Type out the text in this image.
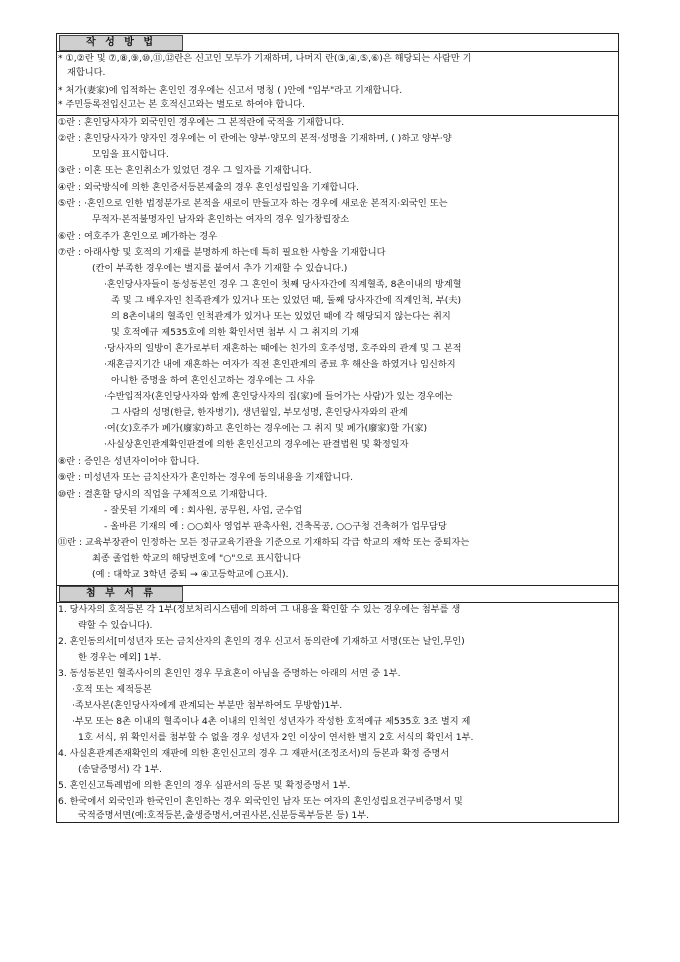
작 성 방 법
* ①,②란 및 ⑦,⑧,⑨,⑩,⑪,⑫란은 신고인 모두가 기재하며, 나머지 란(③,④,⑤,⑥)은 해당되는 사람만 기
재합니다.
* 처가(妻家)에 입적하는 혼인인 경우에는 신고서 명칭 ( )안에 "입부"라고 기재합니다.
* 주민등록전입신고는 본 호적신고와는 별도로 하여야 합니다.
①란 : 혼인당사자가 외국인인 경우에는 그 본적란에 국적을 기재합니다.
②란 : 혼인당사자가 양자인 경우에는 이 란에는 양부·양모의 본적·성명을 기재하며, ( )하고 양부·양
모임을 표시합니다.
③란 : 이혼 또는 혼인취소가 있었던 경우 그 일자를 기재합니다.
④란 : 외국방식에 의한 혼인증서등본제출의 경우 혼인성립일을 기재합니다.
⑤란 : ·혼인으로 인한 법정분가로 본적을 새로이 만들고자 하는 경우에 새로운 본적지·외국인 또는
무적자·본적불명자인 남자와 혼인하는 여자의 경우 일가창립장소
⑥란 : 여호주가 혼인으로 폐가하는 경우
⑦란 : 아래사항 및 호적의 기재를 분명하게 하는데 특히 필요한 사항을 기재합니다
(칸이 부족한 경우에는 별지를 붙여서 추가 기재할 수 있습니다.)
·혼인당사자들이 동성동본인 경우 그 혼인이 첫째 당사자간에 직계혈족, 8촌이내의 방계혈
족 및 그 배우자인 친족관계가 있거나 또는 있었던 때, 둘째 당사자간에 직계인척, 부(夫)
의 8촌이내의 혈족인 인척관계가 있거나 또는 있었던 때에 각 해당되지 않는다는 취지
및 호적예규 제535호에 의한 확인서면 첨부 시 그 취지의 기재
·당사자의 일방이 혼가로부터 재혼하는 때에는 친가의 호주성명, 호주와의 관계 및 그 본적
·재혼금지기간 내에 재혼하는 여자가 직전 혼인관계의 종료 후 해산을 하였거나 임신하지
아니한 증명을 하여 혼인신고하는 경우에는 그 사유
·수반입적자(혼인당사자와 함께 혼인당사자의 집(家)에 들어가는 사람)가 있는 경우에는
그 사람의 성명(한글, 한자병기), 생년월일, 부모성명, 혼인당사자와의 관계
·여(女)호주가 폐가(廢家)하고 혼인하는 경우에는 그 취지 및 폐가(廢家)할 가(家)
·사실상혼인관계확인판결에 의한 혼인신고의 경우에는 판결법원 및 확정일자
⑧란 : 증인은 성년자이어야 합니다.
⑨란 : 미성년자 또는 금치산자가 혼인하는 경우에 동의내용을 기재합니다.
⑩란 : 결혼할 당시의 직업을 구체적으로 기재합니다.
- 잘못된 기재의 예 : 회사원, 공무원, 사업, 군수업
- 올바른 기재의 예 : ○○회사 영업부 판촉사원, 건축목공, ○○구청 건축허가 업무담당
⑪란 : 교육부장관이 인정하는 모든 정규교육기관을 기준으로 기재하되 각급 학교의 재학 또는 중퇴자는
최종 졸업한 학교의 해당번호에 "○"으로 표시합니다
(예 : 대학교 3학년 중퇴 → ④고등학교에 ○표시).
첨 부 서 류
1. 당사자의 호적등본 각 1부(정보처리시스템에 의하여 그 내용을 확인할 수 있는 경우에는 첨부를 생
략할 수 있습니다).
2. 혼인동의서[미성년자 또는 금치산자의 혼인의 경우 신고서 동의란에 기재하고 서명(또는 날인,무인)
한 경우는 예외] 1부.
3. 동성동본인 혈족사이의 혼인인 경우 무효혼이 아님을 증명하는 아래의 서면 중 1부.
·호적 또는 제적등본
·족보사본(혼인당사자에게 관계되는 부분만 첨부하여도 무방함)1부.
·부모 또는 8촌 이내의 혈족이나 4촌 이내의 인척인 성년자가 작성한 호적예규 제535호 3조 별지 제
1호 서식, 위 확인서를 첨부할 수 없을 경우 성년자 2인 이상이 연서한 별지 2호 서식의 확인서 1부.
4. 사실혼관계존재확인의 재판에 의한 혼인신고의 경우 그 재판서(조정조서)의 등본과 확정 증명서
(송달증명서) 각 1부.
5. 혼인신고특례법에 의한 혼인의 경우 심판서의 등본 및 확정증명서 1부.
6. 한국에서 외국인과 한국인이 혼인하는 경우 외국인인 남자 또는 여자의 혼인성립요건구비증명서 및
국적증명서면(예:호적등본,출생증명서,여권사본,신분등록부등본 등) 1부.
